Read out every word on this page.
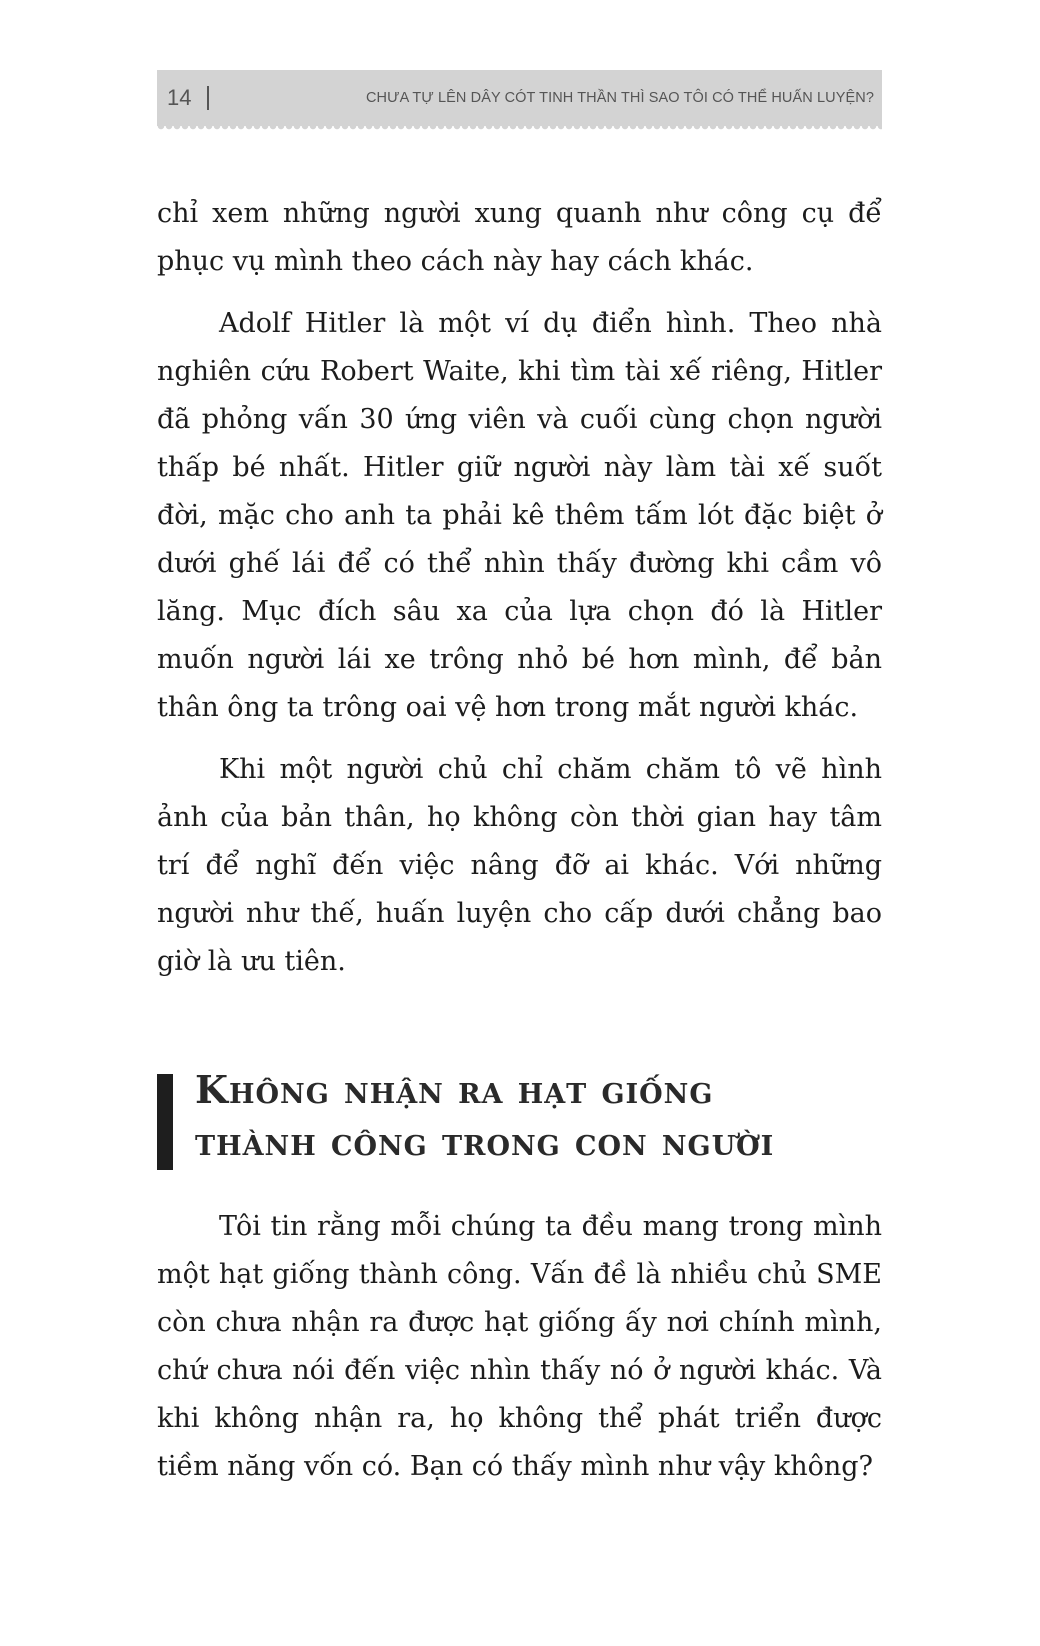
14	CHƯA TỰ LÊN DÂY CÓT TINH THẦN THÌ SAO TÔI CÓ THỂ HUẤN LUYỆN?

chỉ xem những người xung quanh như công cụ để phục vụ mình theo cách này hay cách khác.

Adolf Hitler là một ví dụ điển hình. Theo nhà nghiên cứu Robert Waite, khi tìm tài xế riêng, Hitler đã phỏng vấn 30 ứng viên và cuối cùng chọn người thấp bé nhất. Hitler giữ người này làm tài xế suốt đời, mặc cho anh ta phải kê thêm tấm lót đặc biệt ở dưới ghế lái để có thể nhìn thấy đường khi cầm vô lăng. Mục đích sâu xa của lựa chọn đó là Hitler muốn người lái xe trông nhỏ bé hơn mình, để bản thân ông ta trông oai vệ hơn trong mắt người khác.

Khi một người chủ chỉ chăm chăm tô vẽ hình ảnh của bản thân, họ không còn thời gian hay tâm trí để nghĩ đến việc nâng đỡ ai khác. Với những người như thế, huấn luyện cho cấp dưới chẳng bao giờ là ưu tiên.

Không nhận ra hạt giống
thành công trong con người

Tôi tin rằng mỗi chúng ta đều mang trong mình một hạt giống thành công. Vấn đề là nhiều chủ SME còn chưa nhận ra được hạt giống ấy nơi chính mình, chứ chưa nói đến việc nhìn thấy nó ở người khác. Và khi không nhận ra, họ không thể phát triển được tiềm năng vốn có. Bạn có thấy mình như vậy không?
